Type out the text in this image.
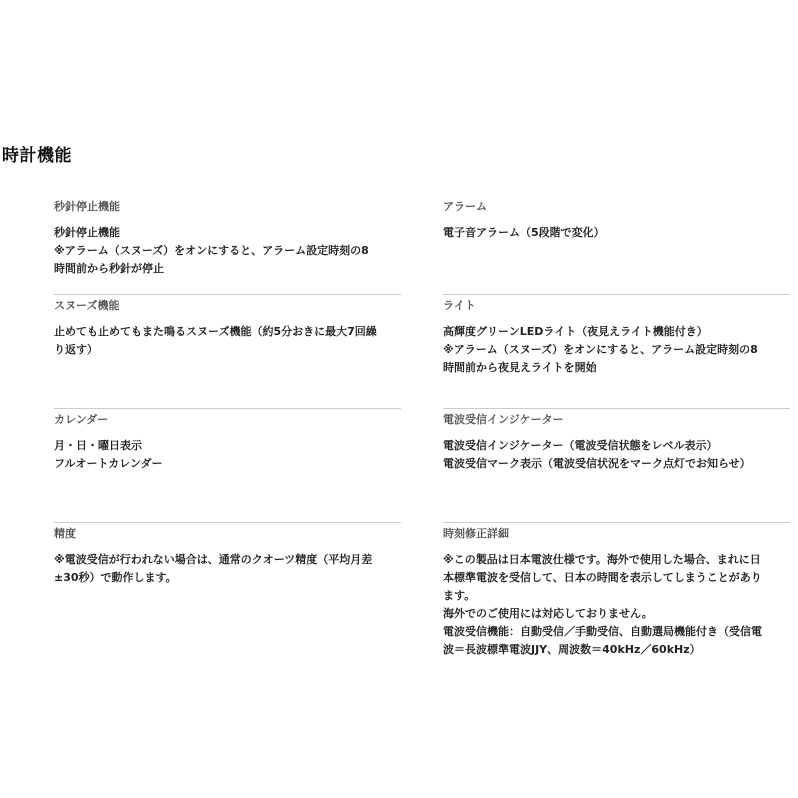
時計機能
秒針停止機能
秒針停止機能
※アラーム（スヌーズ）をオンにすると、アラーム設定時刻の8
時間前から秒針が停止
スヌーズ機能
止めても止めてもまた鳴るスヌーズ機能（約5分おきに最大7回繰
り返す）
カレンダー
月・日・曜日表示
フルオートカレンダー
精度
※電波受信が行われない場合は、通常のクオーツ精度（平均月差
±30秒）で動作します。
アラーム
電子音アラーム（5段階で変化）
ライト
高輝度グリーンLEDライト（夜見えライト機能付き）
※アラーム（スヌーズ）をオンにすると、アラーム設定時刻の8
時間前から夜見えライトを開始
電波受信インジケーター
電波受信インジケーター（電波受信状態をレベル表示）
電波受信マーク表示（電波受信状況をマーク点灯でお知らせ）
時刻修正詳細
※この製品は日本電波仕様です。海外で使用した場合、まれに日
本標準電波を受信して、日本の時間を表示してしまうことがあり
ます。
海外でのご使用には対応しておりません。
電波受信機能：自動受信／手動受信、自動選局機能付き（受信電
波＝長波標準電波JJY、周波数＝40kHz／60kHz）
